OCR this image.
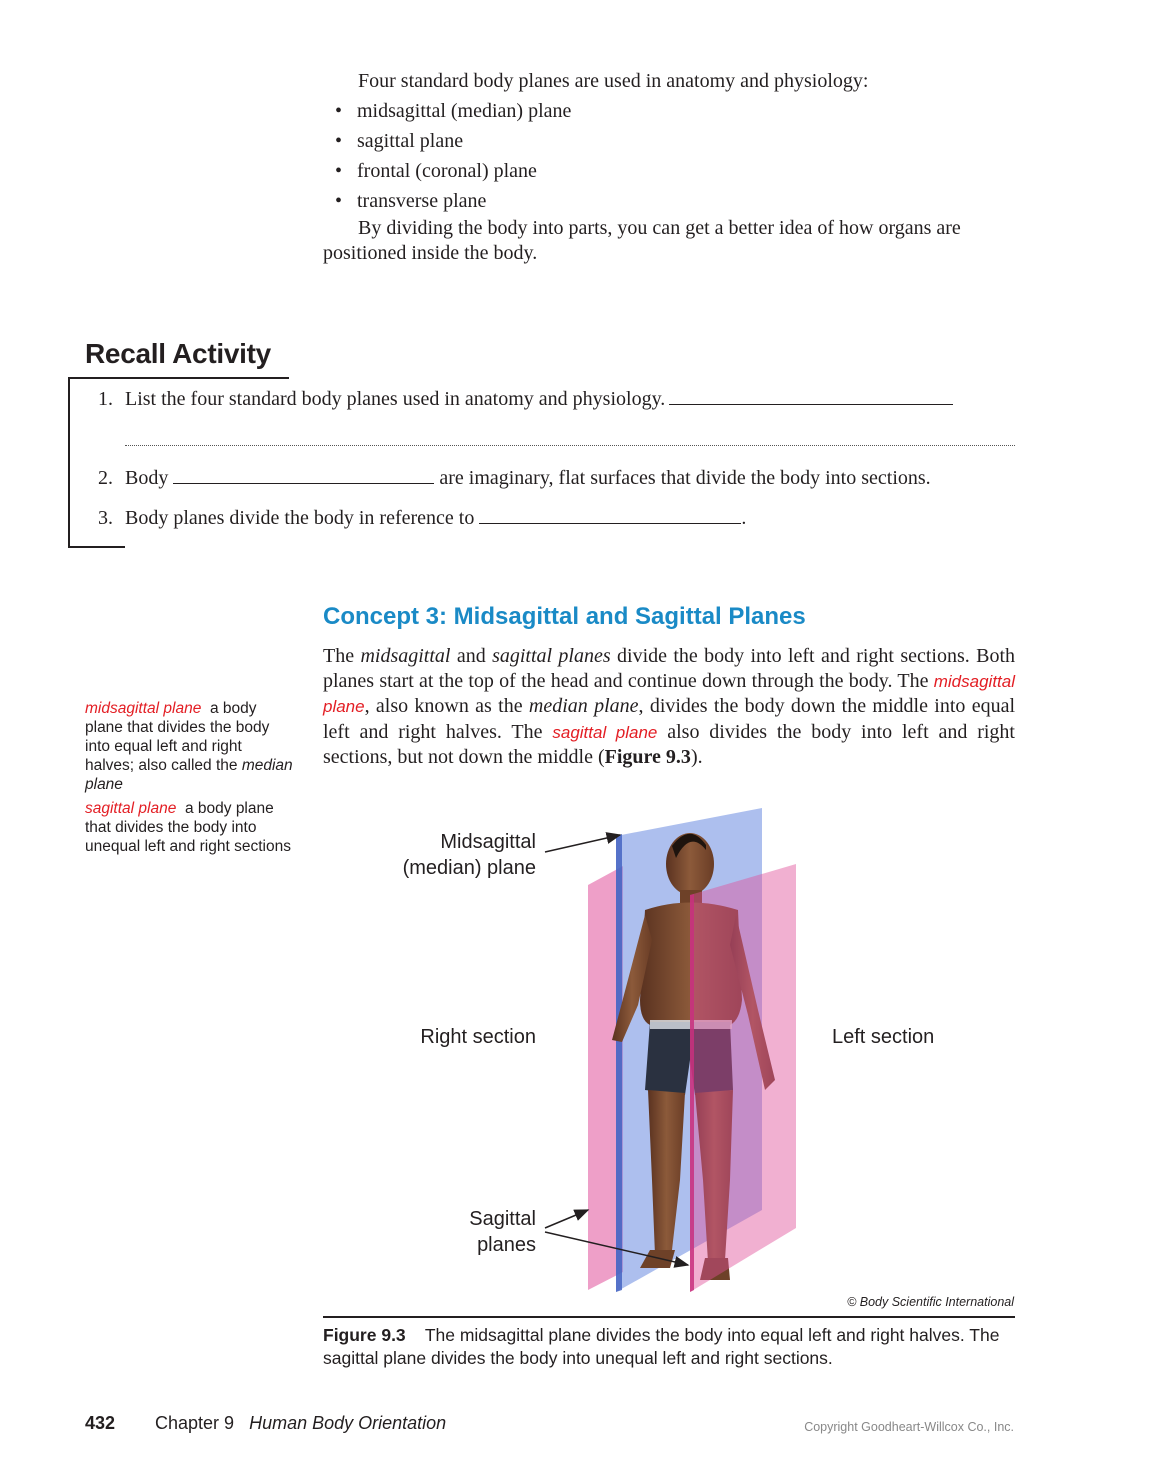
Four standard body planes are used in anatomy and physiology:

• midsagittal (median) plane
• sagittal plane
• frontal (coronal) plane
• transverse plane

By dividing the body into parts, you can get a better idea of how organs are positioned inside the body.

Recall Activity
1. List the four standard body planes used in anatomy and physiology.
2. Body	are imaginary, flat surfaces that divide the body into sections.
3. Body planes divide the body in reference to	.
Concept 3: Midsagittal and Sagittal Planes
The midsagittal and sagittal planes divide the body into left and right sections. Both planes start at the top of the head and continue down through the body. The midsagittal plane, also known as the median plane, divides the body down the middle into equal left and right halves. The sagittal plane also divides the body into left and right sections, but not down the middle (Figure 9.3).
midsagittal plane a body plane that divides the body into equal left and right halves; also called the median plane
sagittal plane a body plane that divides the body into unequal left and right sections	Midsagittal
(median) plane
Right section	Left section
Sagittal
planes
© Body Scientific International
Figure 9.3 The midsagittal plane divides the body into equal left and right halves. The sagittal plane divides the body into unequal left and right sections.
432 Chapter 9 Human Body Orientation	Copyright Goodheart-Willcox Co., Inc.
